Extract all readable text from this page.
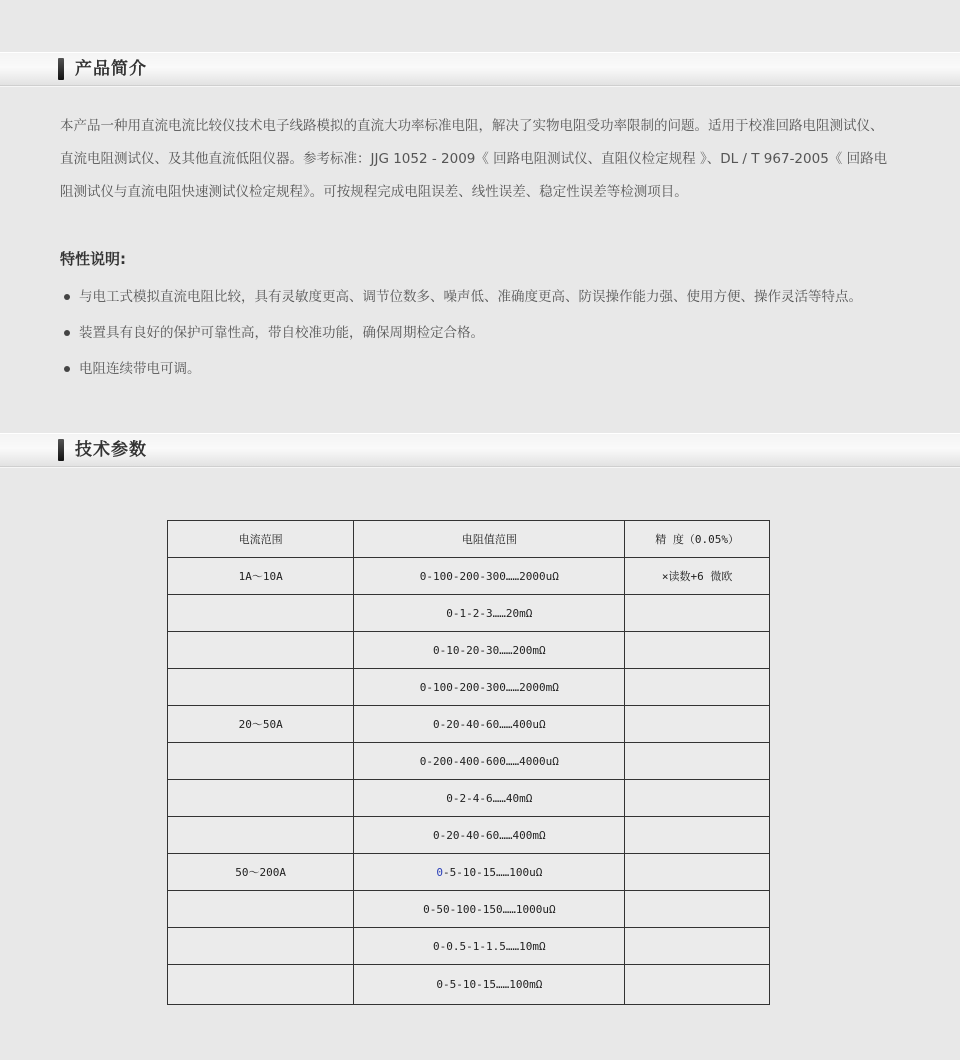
产品简介

本产品一种用直流电流比较仪技术电子线路模拟的直流大功率标准电阻，解决了实物电阻受功率限制的问题。适用于校准回路电阻测试仪、直流电阻测试仪、及其他直流低阻仪器。参考标准：JJG 1052 - 2009《 回路电阻测试仪、直阻仪检定规程 》、DL / T 967-2005《 回路电阻测试仪与直流电阻快速测试仪检定规程》。可按规程完成电阻误差、线性误差、稳定性误差等检测项目。

特性说明:
与电工式模拟直流电阻比较，具有灵敏度更高、调节位数多、噪声低、准确度更高、防误操作能力强、使用方便、操作灵活等特点。
装置具有良好的保护可靠性高，带自校准功能，确保周期检定合格。
电阻连续带电可调。
技术参数
电流范围	电阻值范围	精 度（0.05%）
1A～10A	0-100-200-300……2000uΩ	×读数+6 微欧
	0-1-2-3……20mΩ	
	0-10-20-30……200mΩ	
	0-100-200-300……2000mΩ	
20～50A	0-20-40-60……400uΩ	
	0-200-400-600……4000uΩ	
	0-2-4-6……40mΩ	
	0-20-40-60……400mΩ	
50～200A	0-5-10-15……100uΩ	
	0-50-100-150……1000uΩ	
	0-0.5-1-1.5……10mΩ	
	0-5-10-15……100mΩ	
